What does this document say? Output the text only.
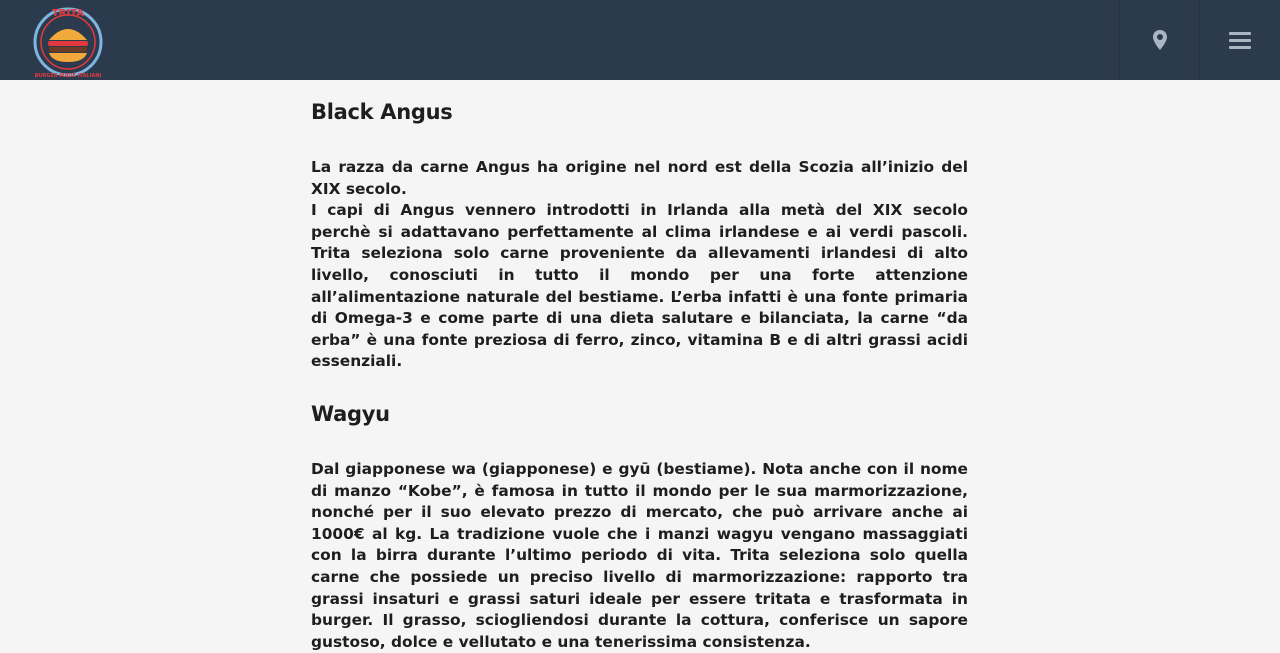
TRITA
BURGER MADE ITALIANI
Black Angus

La razza da carne Angus ha origine nel nord est della Scozia all’inizio del XIX secolo.
I capi di Angus vennero introdotti in Irlanda alla metà del XIX secolo perchè si adattavano perfettamente al clima irlandese e ai verdi pascoli. Trita seleziona solo carne proveniente da allevamenti irlandesi di alto livello, conosciuti in tutto il mondo per una forte attenzione all’alimentazione naturale del bestiame. L’erba infatti è una fonte primaria di Omega-3 e come parte di una dieta salutare e bilanciata, la carne “da erba” è una fonte preziosa di ferro, zinco, vitamina B e di altri grassi acidi essenziali.

Wagyu

Dal giapponese wa (giapponese) e gyū (bestiame). Nota anche con il nome di manzo “Kobe”, è famosa in tutto il mondo per le sua marmorizzazione, nonché per il suo elevato prezzo di mercato, che può arrivare anche ai 1000€ al kg. La tradizione vuole che i manzi wagyu vengano massaggiati con la birra durante l’ultimo periodo di vita. Trita seleziona solo quella carne che possiede un preciso livello di marmorizzazione: rapporto tra grassi insaturi e grassi saturi ideale per essere tritata e trasformata in burger. Il grasso, sciogliendosi durante la cottura, conferisce un sapore gustoso, dolce e vellutato e una tenerissima consistenza.
